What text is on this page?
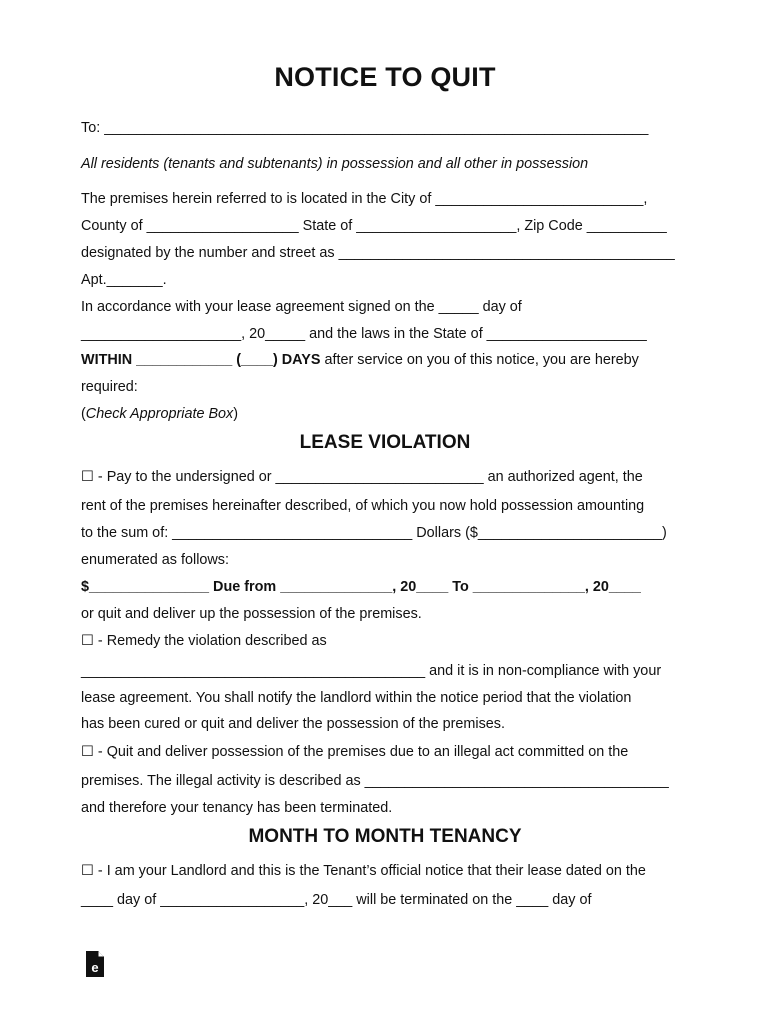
NOTICE TO QUIT
To: ____________________________________________________________________
All residents (tenants and subtenants) in possession and all other in possession
The premises herein referred to is located in the City of __________________________,
County of ___________________ State of ____________________, Zip Code __________
designated by the number and street as __________________________________________
Apt._______.
In accordance with your lease agreement signed on the _____ day of
____________________, 20_____ and the laws in the State of ____________________
WITHIN ____________ (____) DAYS after service on you of this notice, you are hereby
required:
(Check Appropriate Box)
LEASE VIOLATION
☐ - Pay to the undersigned or __________________________ an authorized agent, the
rent of the premises hereinafter described, of which you now hold possession amounting
to the sum of: ______________________________ Dollars ($_______________________)
enumerated as follows:
$_______________ Due from ______________, 20____ To ______________, 20____
or quit and deliver up the possession of the premises.
☐ - Remedy the violation described as
___________________________________________ and it is in non-compliance with your
lease agreement. You shall notify the landlord within the notice period that the violation
has been cured or quit and deliver the possession of the premises.
☐ - Quit and deliver possession of the premises due to an illegal act committed on the
premises. The illegal activity is described as ______________________________________
and therefore your tenancy has been terminated.
MONTH TO MONTH TENANCY
☐ - I am your Landlord and this is the Tenant’s official notice that their lease dated on the
____ day of __________________, 20___ will be terminated on the ____ day of
e
